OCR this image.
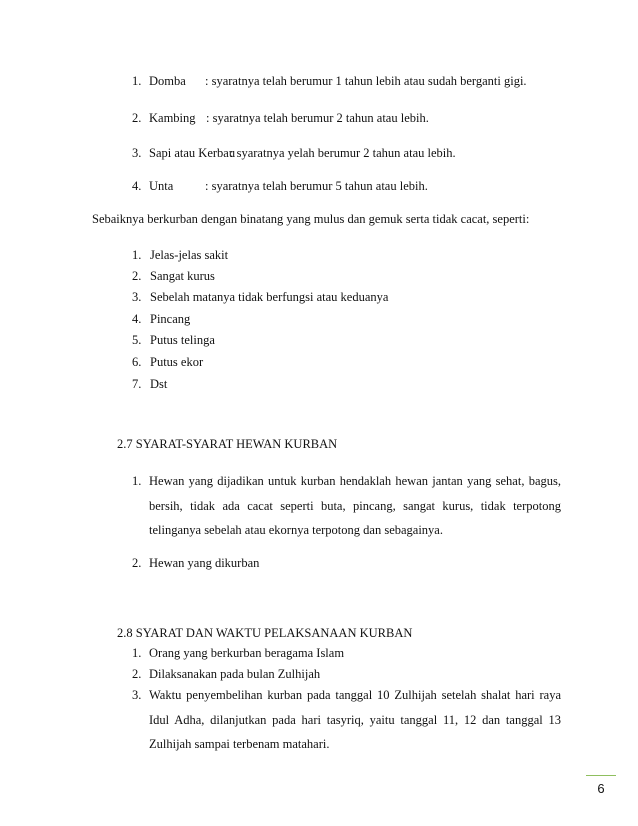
1. Domba : syaratnya telah berumur 1 tahun lebih atau sudah berganti gigi.
2. Kambing : syaratnya telah berumur 2 tahun atau lebih.
3. Sapi atau Kerbau
: syaratnya yelah berumur 2 tahun atau lebih.
4. Unta	: syaratnya telah berumur 5 tahun atau lebih.
Sebaiknya berkurban dengan binatang yang mulus dan gemuk serta tidak cacat, seperti:
1. Jelas-jelas sakit
2. Sangat kurus
3. Sebelah matanya tidak berfungsi atau keduanya
4. Pincang
5. Putus telinga
6. Putus ekor
7. Dst
2.7 SYARAT-SYARAT HEWAN KURBAN
1. Hewan yang dijadikan untuk kurban hendaklah hewan jantan yang sehat, bagus,
bersih, tidak ada cacat seperti buta, pincang, sangat kurus, tidak terpotong
telinganya sebelah atau ekornya terpotong dan sebagainya.
2. Hewan yang dikurban
2.8 SYARAT DAN WAKTU PELAKSANAAN KURBAN
1. Orang yang berkurban beragama Islam
2. Dilaksanakan pada bulan Zulhijah
3. Waktu penyembelihan kurban pada tanggal 10 Zulhijah setelah shalat hari raya
Idul Adha, dilanjutkan pada hari tasyriq, yaitu tanggal 11, 12 dan tanggal 13
Zulhijah sampai terbenam matahari.
6
